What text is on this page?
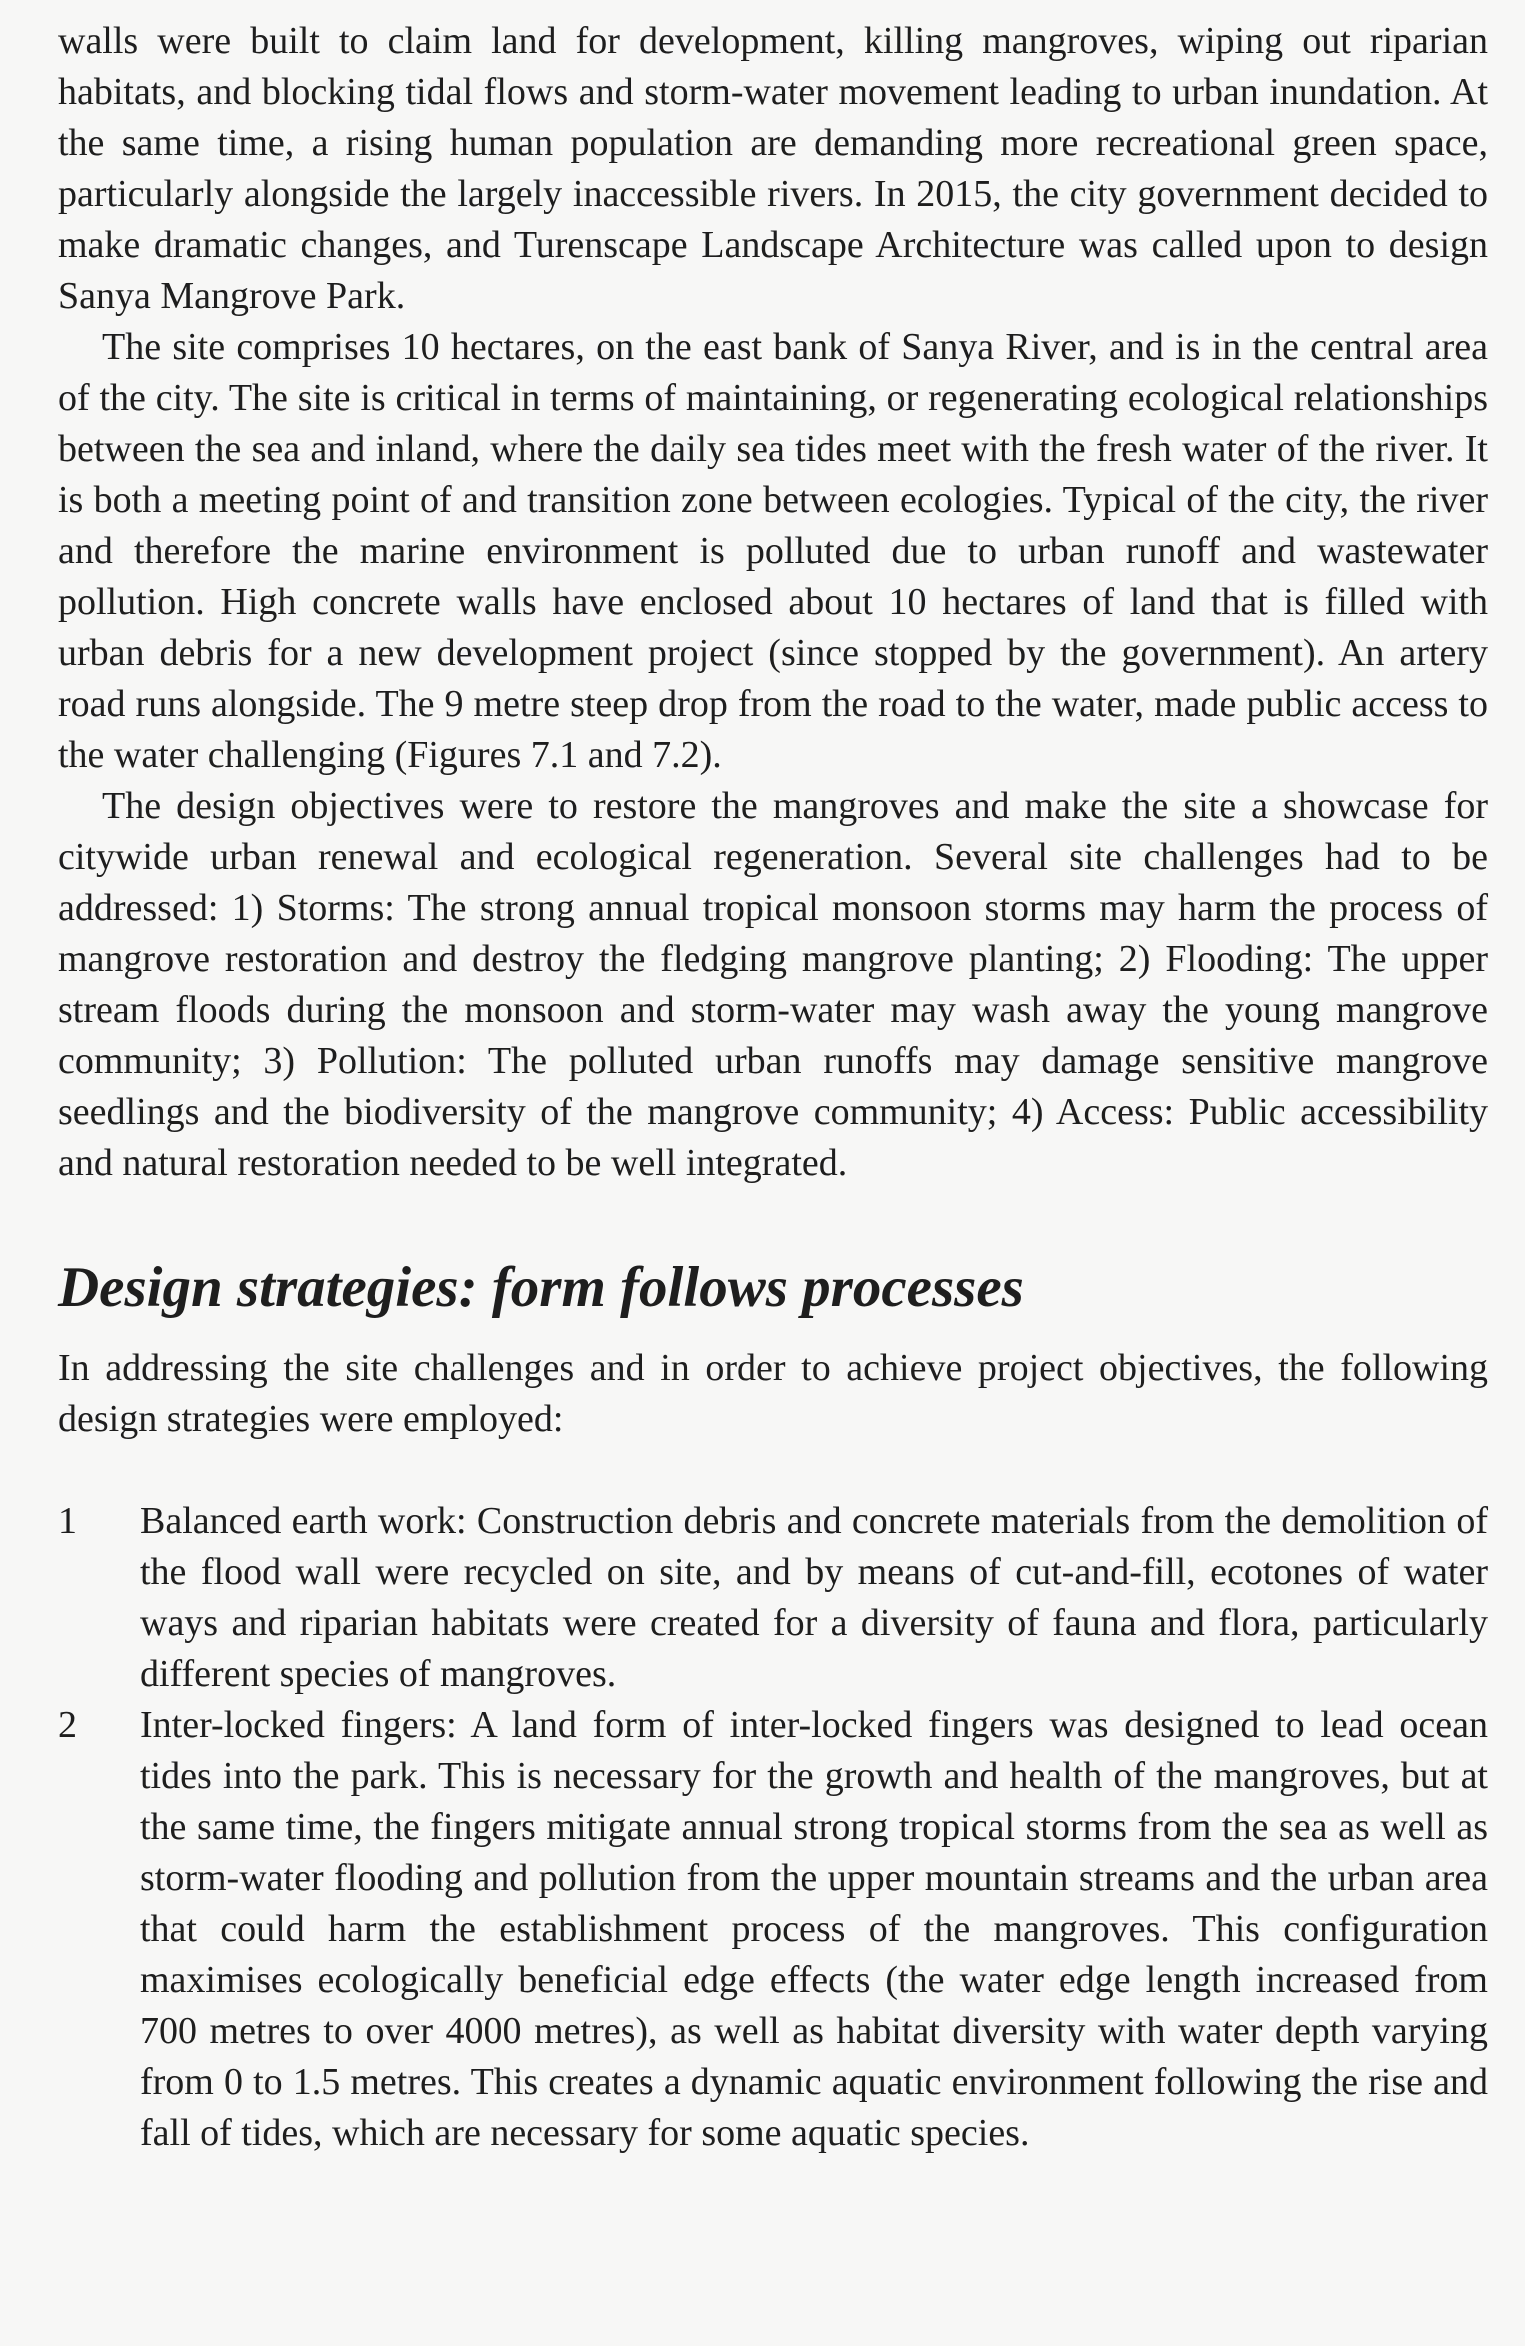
walls were built to claim land for development, killing mangroves, wiping out riparian habitats, and blocking tidal flows and storm-water movement leading to urban inundation. At the same time, a rising human population are demanding more recreational green space, particularly alongside the largely inaccessible rivers. In 2015, the city government decided to make dramatic changes, and Turenscape Landscape Architecture was called upon to design Sanya Mangrove Park.

The site comprises 10 hectares, on the east bank of Sanya River, and is in the central area of the city. The site is critical in terms of maintaining, or regenerating ecological relationships between the sea and inland, where the daily sea tides meet with the fresh water of the river. It is both a meeting point of and transition zone between ecologies. Typical of the city, the river and therefore the marine environment is polluted due to urban runoff and wastewater pollution. High concrete walls have enclosed about 10 hectares of land that is filled with urban debris for a new development project (since stopped by the government). An artery road runs alongside. The 9 metre steep drop from the road to the water, made public access to the water challenging (Figures 7.1 and 7.2).

The design objectives were to restore the mangroves and make the site a showcase for citywide urban renewal and ecological regeneration. Several site challenges had to be addressed: 1) Storms: The strong annual tropical monsoon storms may harm the process of mangrove restoration and destroy the fledging mangrove planting; 2) Flooding: The upper stream floods during the monsoon and storm-water may wash away the young mangrove community; 3) Pollution: The polluted urban runoffs may damage sensitive mangrove seedlings and the biodiversity of the mangrove community; 4) Access: Public accessibility and natural restoration needed to be well integrated.

Design strategies: form follows processes

In addressing the site challenges and in order to achieve project objectives, the following design strategies were employed:

1	Balanced earth work: Construction debris and concrete materials from the demolition of the flood wall were recycled on site, and by means of cut-and-fill, ecotones of water ways and riparian habitats were created for a diversity of fauna and flora, particularly different species of mangroves.
2	Inter-locked fingers: A land form of inter-locked fingers was designed to lead ocean tides into the park. This is necessary for the growth and health of the mangroves, but at the same time, the fingers mitigate annual strong tropical storms from the sea as well as storm-water flooding and pollution from the upper mountain streams and the urban area that could harm the establishment process of the mangroves. This configuration maximises ecologically beneficial edge effects (the water edge length increased from 700 metres to over 4000 metres), as well as habitat diversity with water depth varying from 0 to 1.5 metres. This creates a dynamic aquatic environment following the rise and fall of tides, which are necessary for some aquatic species.
